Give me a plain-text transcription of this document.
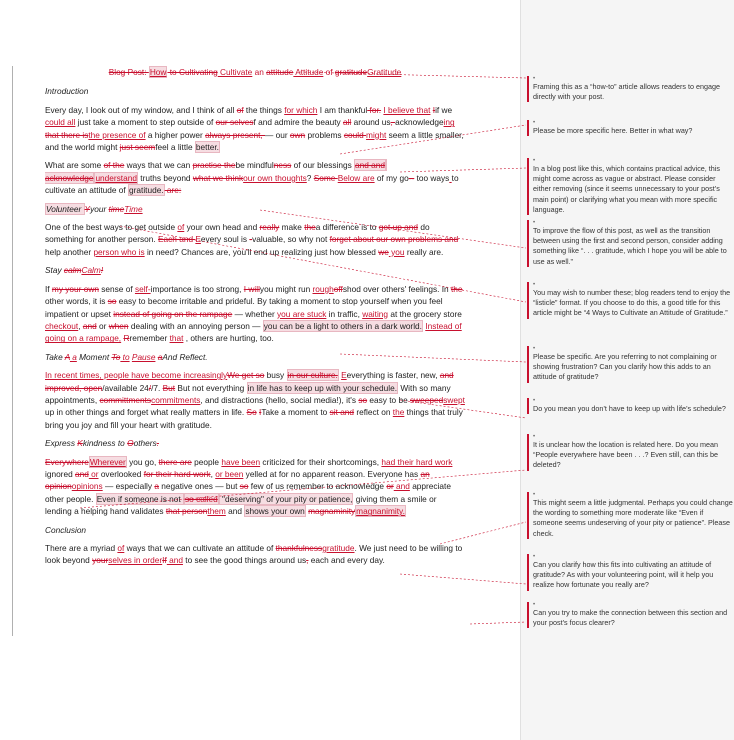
Blog Post: How to Cultivating Cultivate an attitude Attitude of gratitudeGratitude

Introduction

Every day, I look out of my window, and I think of all of the things for which I am thankful for. I believe that Iif we could all just take a moment to step outside of our selvesf and admire the beauty all around us, acknowledgeing that there isthe presence of a higher power always present, — our own problems could might seem a little smaller, and the world might just seemfeel a little better.

What are some of the ways that we can practise thebe mindfulness of our blessings and and acknowledge understand truths beyond what we thinkour own thoughts? Some Below are of my go-- too ways to cultivate an attitude of gratitude. are:

Volunteer Yyour timeTime

One of the best ways to get outside of your own head and really make thea difference is to get up and do something for another person. Each and Eevery soul is -valuable, so why not forget about our own problems and help another person who is in need? Chances are, you'll end up realizing just how blessed we you really are.

Stay calmCalm!

If my your own sense of self-importance is too strong, I willyou might run roughoffshod over others' feelings. In the other words, it is so easy to become irritable and prideful. By taking a moment to stop yourself when you feel impatient or upset instead of going on the rampage — whether you are stuck in traffic, waiting at the grocery store checkout, and or when dealing with an annoying person — you can be a light to others in a dark world. Instead of going on a rampage, Rremember that , others are hurting, too.

Take A a Moment To to Pause aAnd Reflect.

In recent times, people have become increasinglyWe get so busy in our culture. Eeverything is faster, new, and improved, open/available 24//7. But But not everything in life has to keep up with your schedule. With so many appointments, committmentscommitments, and distractions (hello, social media!), it's so easy to be sweepedswept up in other things and forget what really matters in life. So ITake a moment to sit and reflect on the things that truly bring you joy and fill your heart with gratitude.

Express Kkindness to Oothers.

EverywhereWherever you go, there are people have been criticized for their shortcomings, had their hard work ignored and or overlooked for their hard work, or been yelled at for no apparent reason. Everyone has an opinionopinions — especially a negative ones — but so few of us remember to acknowledge or and appreciate other people. Even if someone is not so called "deserving" of your pity or patience, giving them a smile or lending a helping hand validates that personthem and shows your own magnaminitymagnanimity.

Conclusion

There are a myriad of ways that we can cultivate an attitude of thankfulnessgratitude. We just need to be willing to look beyond yourselves in orderIf and to see the good things around us, each and every day.

•
Framing this as a “how-to” article allows readers to engage directly with your post.
•
Please be more specific here. Better in what way?
•
In a blog post like this, which contains practical advice, this might come across as vague or abstract. Please consider either removing (since it seems unnecessary to your post’s main point) or clarifying what you mean with more specific language.
•
To improve the flow of this post, as well as the transition between using the first and second person, consider adding something like “. . . gratitude, which I hope you will be able to use as well.”
•
You may wish to number these; blog readers tend to enjoy the “listicle” format. If you choose to do this, a good title for this article might be “4 Ways to Cultivate an Attitude of Gratitude.”
•
Please be specific. Are you referring to not complaining or showing frustration? Can you clarify how this adds to an attitude of gratitude?
•
Do you mean you don’t have to keep up with life’s schedule?
•
It is unclear how the location is related here. Do you mean “People everywhere have been . . .? Even still, can this be deleted?
•
This might seem a little judgmental. Perhaps you could change the wording to something more moderate like “Even if someone seems undeserving of your pity or patience”. Please check.
•
Can you clarify how this fits into cultivating an attitude of gratitude? As with your volunteering point, will it help you realize how fortunate you really are?
•
Can you try to make the connection between this section and your post’s focus clearer?
